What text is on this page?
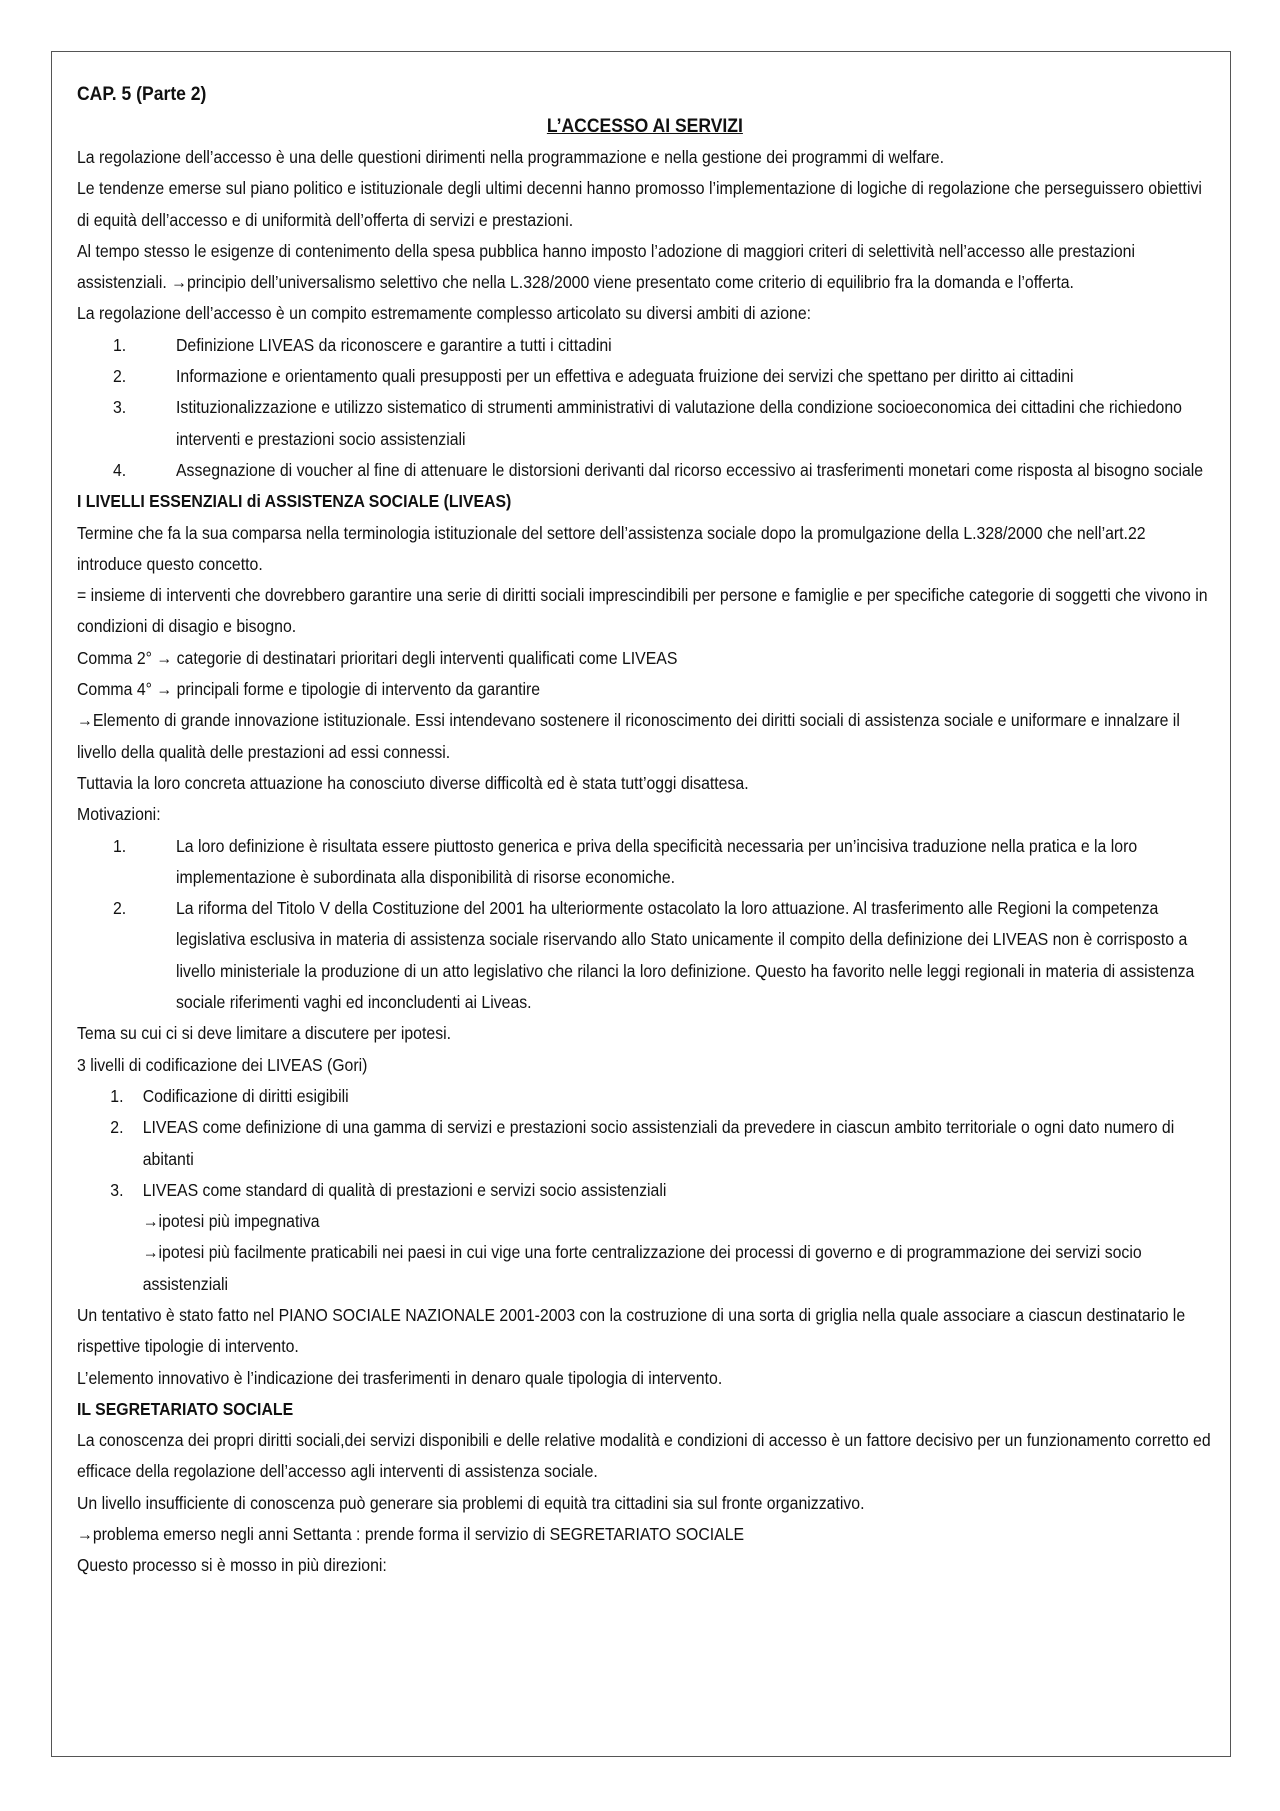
CAP. 5 (Parte 2)

L’ACCESSO AI SERVIZI

La regolazione dell’accesso è una delle questioni dirimenti nella programmazione e nella gestione dei programmi di welfare.

Le tendenze emerse sul piano politico e istituzionale degli ultimi decenni hanno promosso l’implementazione di logiche di regolazione che perseguissero obiettivi di equità dell’accesso e di uniformità dell’offerta di servizi e prestazioni.

Al tempo stesso le esigenze di contenimento della spesa pubblica hanno imposto l’adozione di maggiori criteri di selettività nell’accesso alle prestazioni assistenziali. →principio dell’universalismo selettivo che nella L.328/2000 viene presentato come criterio di equilibrio fra la domanda e l’offerta.

La regolazione dell’accesso è un compito estremamente complesso articolato su diversi ambiti di azione:

1.	Definizione LIVEAS da riconoscere e garantire a tutti i cittadini
2.	Informazione e orientamento quali presupposti per un effettiva e adeguata fruizione dei servizi che spettano per diritto ai cittadini
3.	Istituzionalizzazione e utilizzo sistematico di strumenti amministrativi di valutazione della condizione socioeconomica dei cittadini che richiedono interventi e prestazioni socio assistenziali
4.	Assegnazione di voucher al fine di attenuare le distorsioni derivanti dal ricorso eccessivo ai trasferimenti monetari come risposta al bisogno sociale

I LIVELLI ESSENZIALI di ASSISTENZA SOCIALE (LIVEAS)

Termine che fa la sua comparsa nella terminologia istituzionale del settore dell’assistenza sociale dopo la promulgazione della L.328/2000 che nell’art.22 introduce questo concetto.

= insieme di interventi che dovrebbero garantire una serie di diritti sociali imprescindibili per persone e famiglie e per specifiche categorie di soggetti che vivono in condizioni di disagio e bisogno.

Comma 2° → categorie di destinatari prioritari degli interventi qualificati come LIVEAS

Comma 4° → principali forme e tipologie di intervento da garantire

→Elemento di grande innovazione istituzionale. Essi intendevano sostenere il riconoscimento dei diritti sociali di assistenza sociale e uniformare e innalzare il livello della qualità delle prestazioni ad essi connessi.

Tuttavia la loro concreta attuazione ha conosciuto diverse difficoltà ed è stata tutt’oggi disattesa.

Motivazioni:

1.	La loro definizione è risultata essere piuttosto generica e priva della specificità necessaria per un’incisiva traduzione nella pratica e la loro implementazione è subordinata alla disponibilità di risorse economiche.
2.	La riforma del Titolo V della Costituzione del 2001 ha ulteriormente ostacolato la loro attuazione. Al trasferimento alle Regioni la competenza legislativa esclusiva in materia di assistenza sociale riservando allo Stato unicamente il compito della definizione dei LIVEAS non è corrisposto a livello ministeriale la produzione di un atto legislativo che rilanci la loro definizione. Questo ha favorito nelle leggi regionali in materia di assistenza sociale riferimenti vaghi ed inconcludenti ai Liveas.

Tema su cui ci si deve limitare a discutere per ipotesi.

3 livelli di codificazione dei LIVEAS (Gori)

1. Codificazione di diritti esigibili
2. LIVEAS come definizione di una gamma di servizi e prestazioni socio assistenziali da prevedere in ciascun ambito territoriale o ogni dato numero di abitanti
3. LIVEAS come standard di qualità di prestazioni e servizi socio assistenziali

→ipotesi più impegnativa

→ipotesi più facilmente praticabili nei paesi in cui vige una forte centralizzazione dei processi di governo e di programmazione dei servizi socio assistenziali

Un tentativo è stato fatto nel PIANO SOCIALE NAZIONALE 2001-2003 con la costruzione di una sorta di griglia nella quale associare a ciascun destinatario le rispettive tipologie di intervento.

L’elemento innovativo è l’indicazione dei trasferimenti in denaro quale tipologia di intervento.

IL SEGRETARIATO SOCIALE

La conoscenza dei propri diritti sociali,dei servizi disponibili e delle relative modalità e condizioni di accesso è un fattore decisivo per un funzionamento corretto ed efficace della regolazione dell’accesso agli interventi di assistenza sociale.

Un livello insufficiente di conoscenza può generare sia problemi di equità tra cittadini sia sul fronte organizzativo.

→problema emerso negli anni Settanta : prende forma il servizio di SEGRETARIATO SOCIALE

Questo processo si è mosso in più direzioni:
